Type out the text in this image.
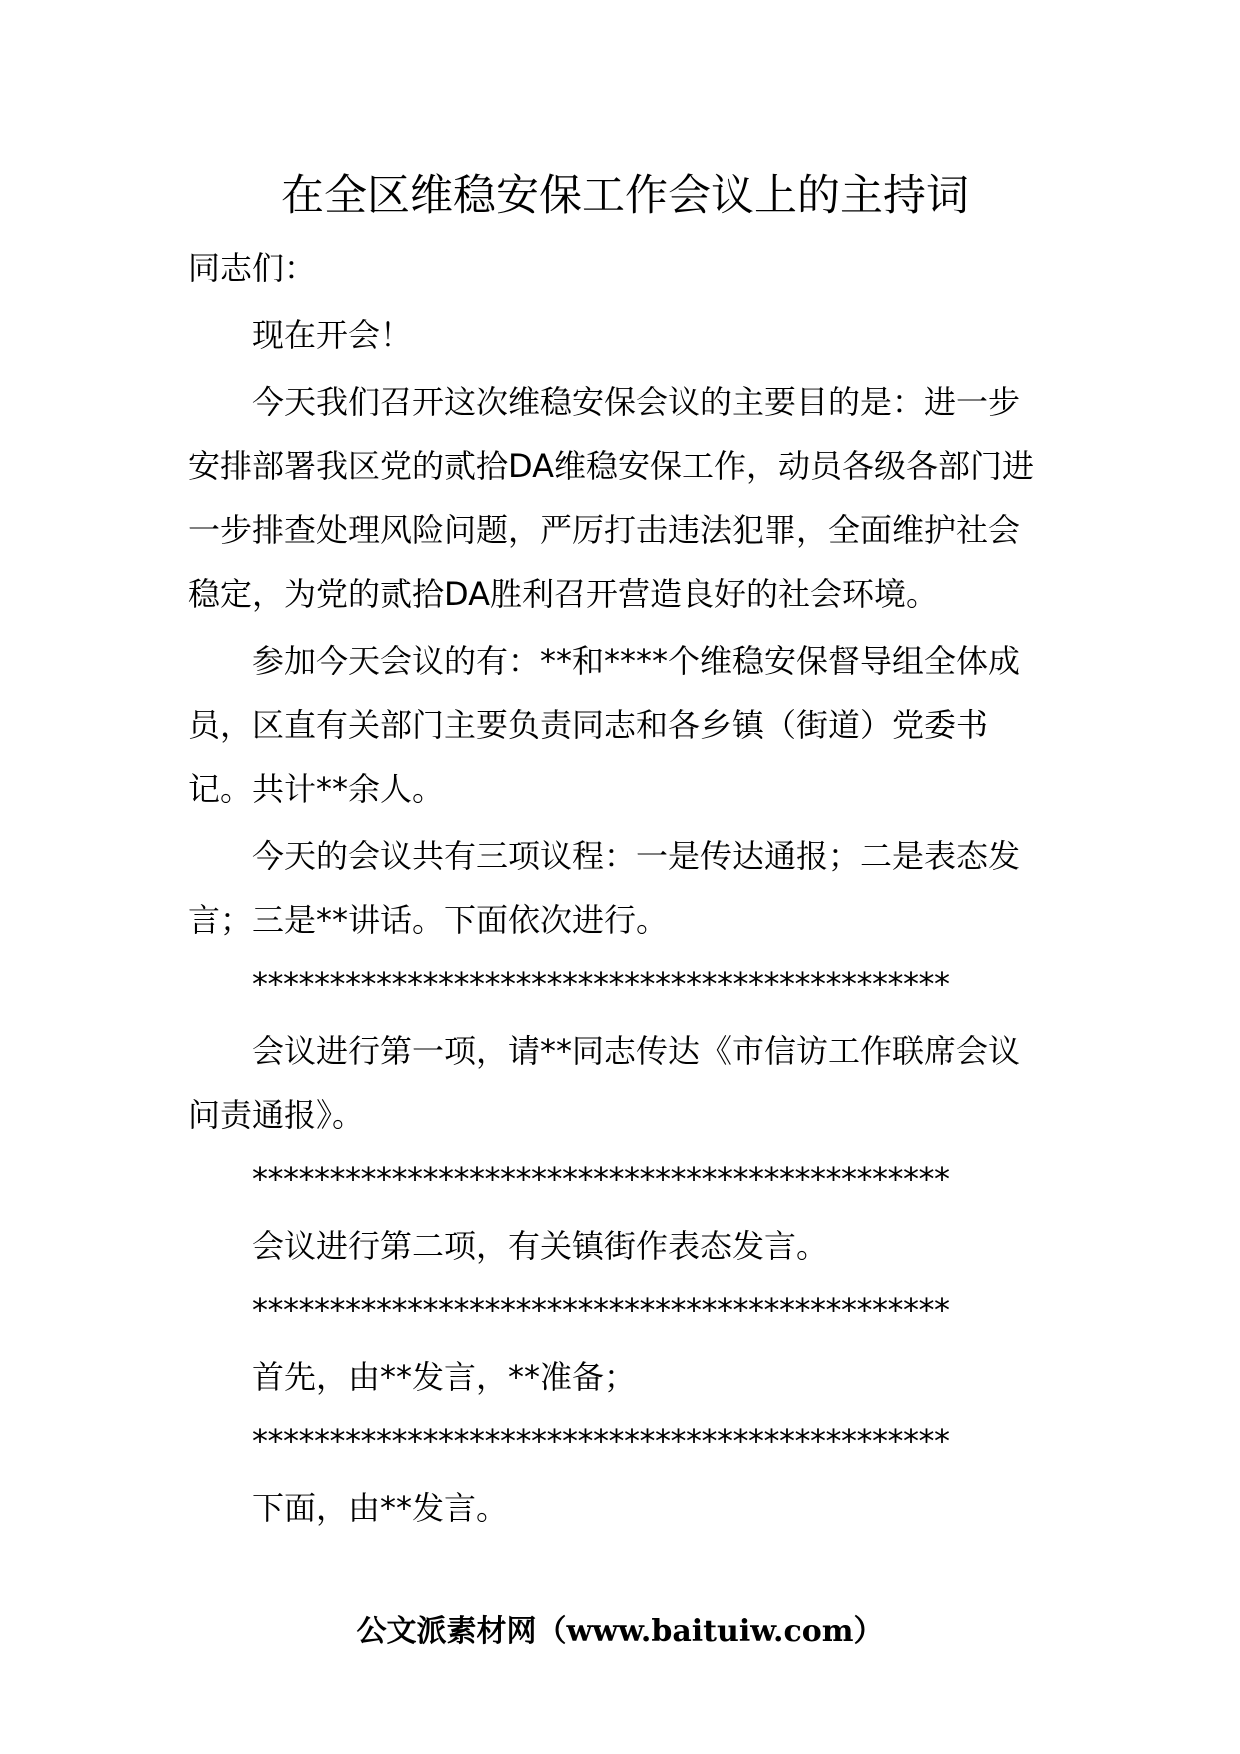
在全区维稳安保工作会议上的主持词

同志们：

现在开会！

今天我们召开这次维稳安保会议的主要目的是：进一步安排部署我区党的贰拾DA维稳安保工作，动员各级各部门进一步排查处理风险问题，严厉打击违法犯罪，全面维护社会稳定，为党的贰拾DA胜利召开营造良好的社会环境。

参加今天会议的有：**和****个维稳安保督导组全体成员，区直有关部门主要负责同志和各乡镇（街道）党委书记。共计**余人。

今天的会议共有三项议程：一是传达通报；二是表态发言；三是**讲话。下面依次进行。

*********************************************

会议进行第一项，请**同志传达《市信访工作联席会议问责通报》。

*********************************************

会议进行第二项，有关镇街作表态发言。

*********************************************

首先，由**发言，**准备；

*********************************************

下面，由**发言。

公文派素材网（www.baituiw.com）
